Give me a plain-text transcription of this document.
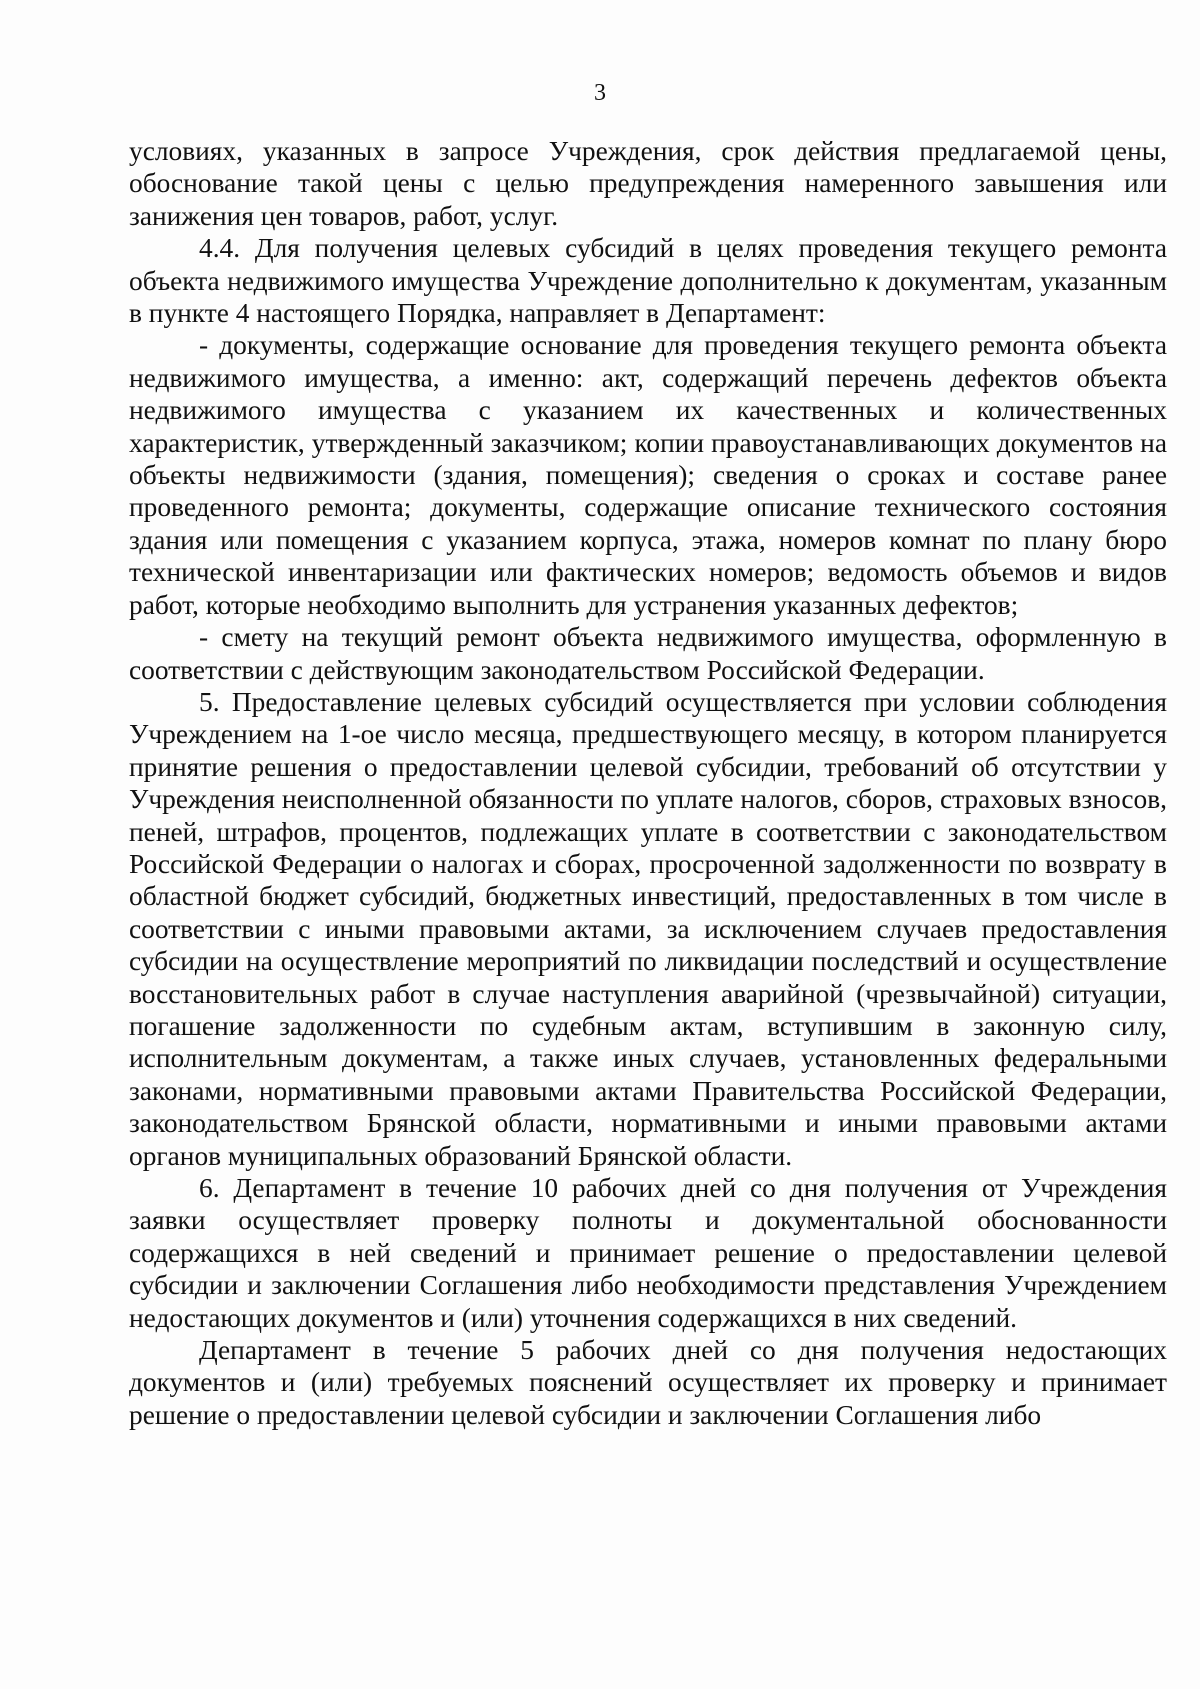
3

условиях, указанных в запросе Учреждения, срок действия предлагаемой цены, обоснование такой цены с целью предупреждения намеренного завышения или занижения цен товаров, работ, услуг.

4.4. Для получения целевых субсидий в целях проведения текущего ремонта объекта недвижимого имущества Учреждение дополнительно к документам, указанным в пункте 4 настоящего Порядка, направляет в Департамент:

- документы, содержащие основание для проведения текущего ремонта объекта недвижимого имущества, а именно: акт, содержащий перечень дефектов объекта недвижимого имущества с указанием их качественных и количественных характеристик, утвержденный заказчиком; копии правоустанавливающих документов на объекты недвижимости (здания, помещения); сведения о сроках и составе ранее проведенного ремонта; документы, содержащие описание технического состояния здания или помещения с указанием корпуса, этажа, номеров комнат по плану бюро технической инвентаризации или фактических номеров; ведомость объемов и видов работ, которые необходимо выполнить для устранения указанных дефектов;

- смету на текущий ремонт объекта недвижимого имущества, оформленную в соответствии с действующим законодательством Российской Федерации.

5. Предоставление целевых субсидий осуществляется при условии соблюдения Учреждением на 1-ое число месяца, предшествующего месяцу, в котором планируется принятие решения о предоставлении целевой субсидии, требований об отсутствии у Учреждения неисполненной обязанности по уплате налогов, сборов, страховых взносов, пеней, штрафов, процентов, подлежащих уплате в соответствии с законодательством Российской Федерации о налогах и сборах, просроченной задолженности по возврату в областной бюджет субсидий, бюджетных инвестиций, предоставленных в том числе в соответствии с иными правовыми актами, за исключением случаев предоставления субсидии на осуществление мероприятий по ликвидации последствий и осуществление восстановительных работ в случае наступления аварийной (чрезвычайной) ситуации, погашение задолженности по судебным актам, вступившим в законную силу, исполнительным документам, а также иных случаев, установленных федеральными законами, нормативными правовыми актами Правительства Российской Федерации, законодательством Брянской области, нормативными и иными правовыми актами органов муниципальных образований Брянской области.

6. Департамент в течение 10 рабочих дней со дня получения от Учреждения заявки осуществляет проверку полноты и документальной обоснованности содержащихся в ней сведений и принимает решение о предоставлении целевой субсидии и заключении Соглашения либо необходимости представления Учреждением недостающих документов и (или) уточнения содержащихся в них сведений.

Департамент в течение 5 рабочих дней со дня получения недостающих документов и (или) требуемых пояснений осуществляет их проверку и принимает решение о предоставлении целевой субсидии и заключении Соглашения либо
